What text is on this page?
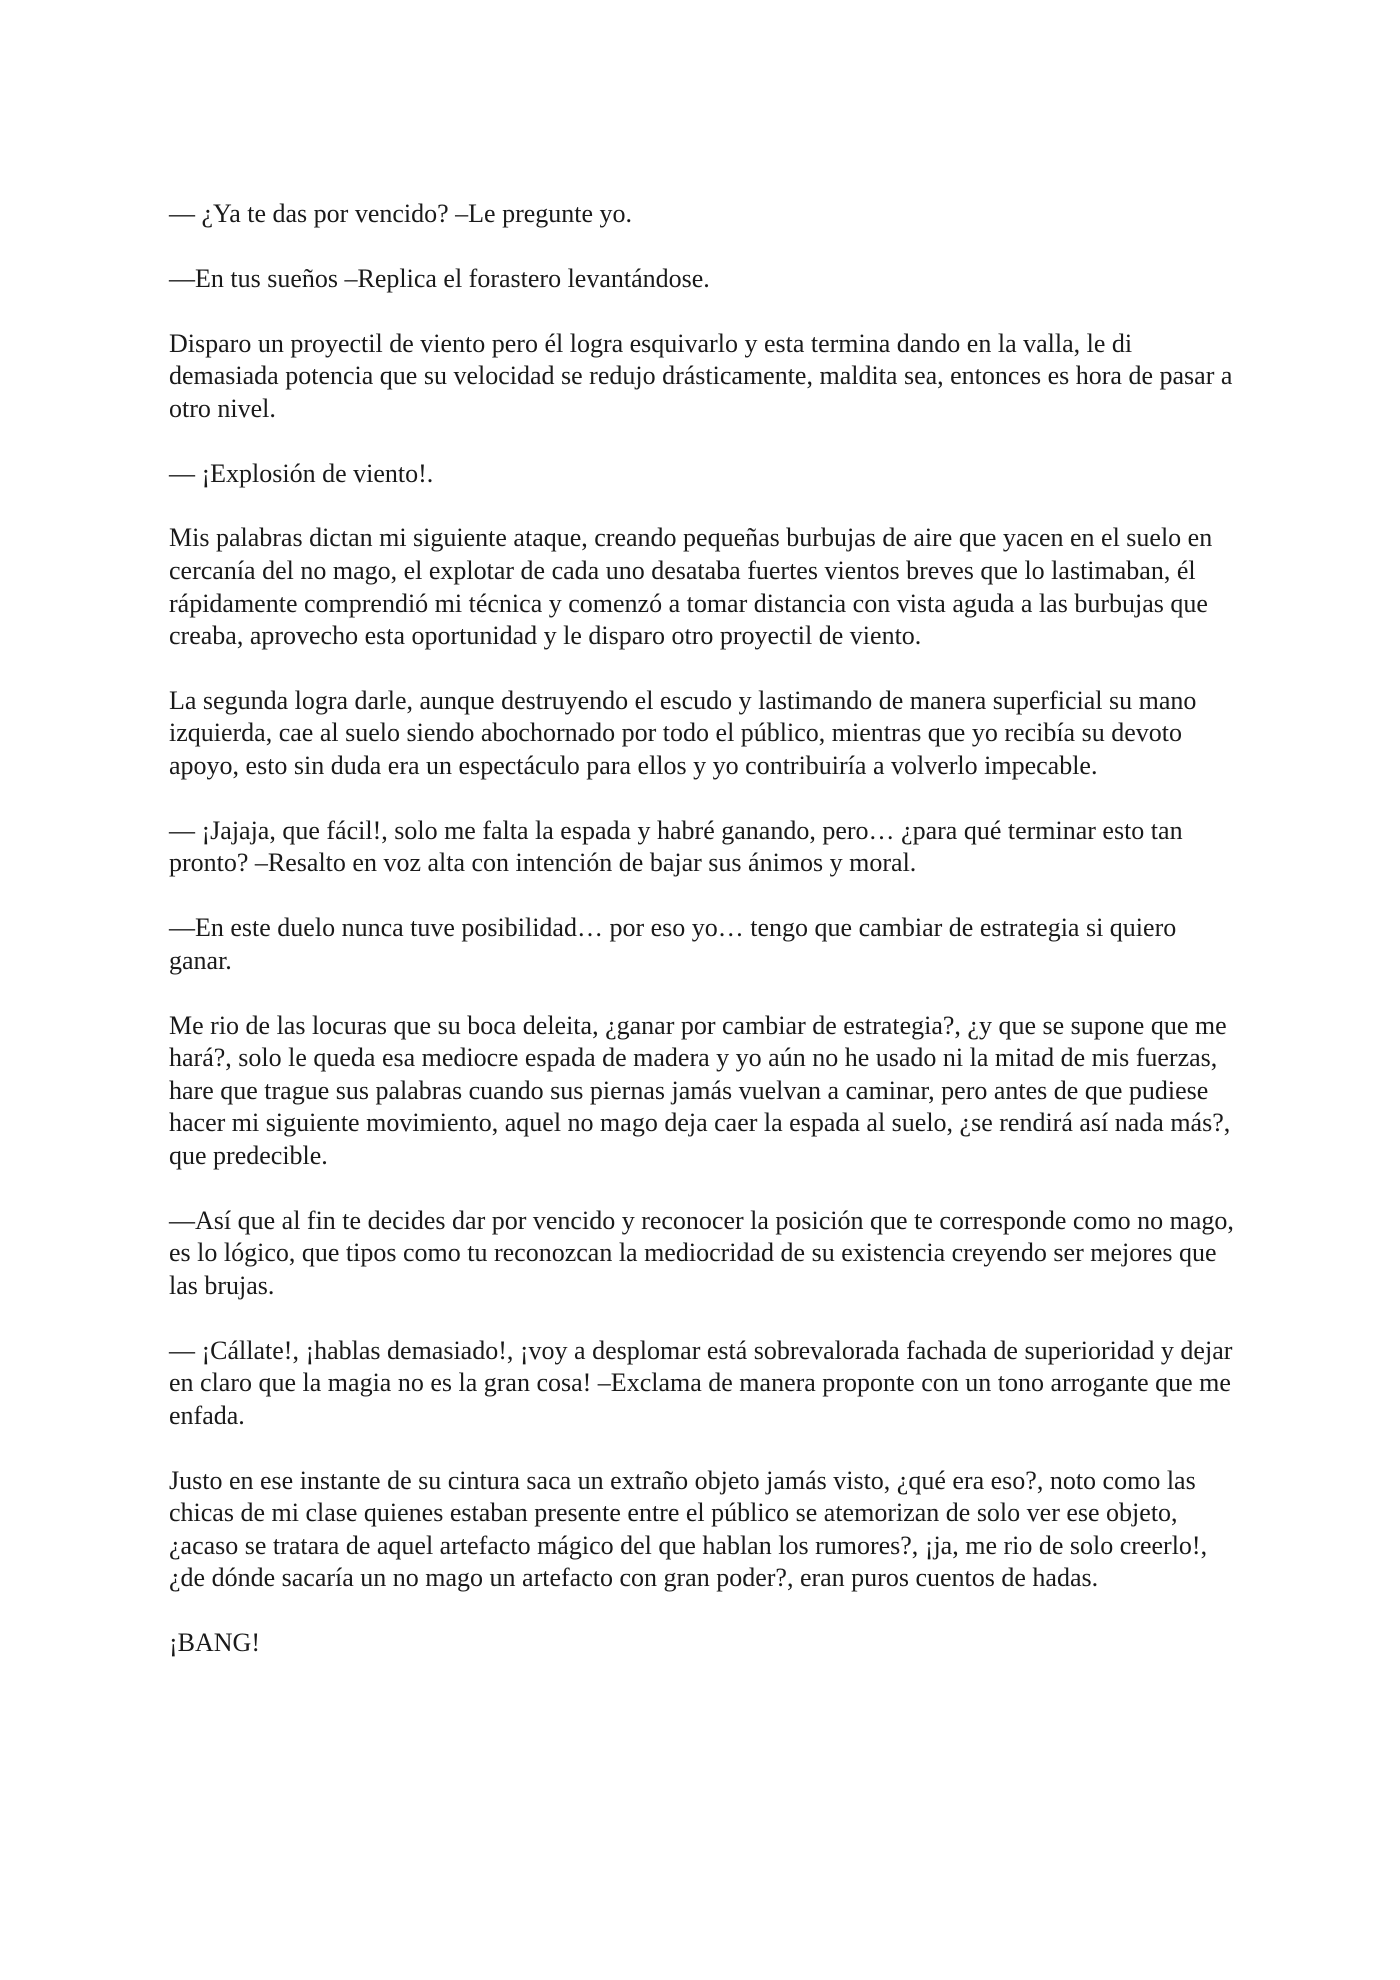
— ¿Ya te das por vencido? –Le pregunte yo.

—En tus sueños –Replica el forastero levantándose.

Disparo un proyectil de viento pero él logra esquivarlo y esta termina dando en la valla, le di demasiada potencia que su velocidad se redujo drásticamente, maldita sea, entonces es hora de pasar a otro nivel.

— ¡Explosión de viento!.

Mis palabras dictan mi siguiente ataque, creando pequeñas burbujas de aire que yacen en el suelo en cercanía del no mago, el explotar de cada uno desataba fuertes vientos breves que lo lastimaban, él rápidamente comprendió mi técnica y comenzó a tomar distancia con vista aguda a las burbujas que creaba, aprovecho esta oportunidad y le disparo otro proyectil de viento.

La segunda logra darle, aunque destruyendo el escudo y lastimando de manera superficial su mano izquierda, cae al suelo siendo abochornado por todo el público, mientras que yo recibía su devoto apoyo, esto sin duda era un espectáculo para ellos y yo contribuiría a volverlo impecable.

— ¡Jajaja, que fácil!, solo me falta la espada y habré ganando, pero… ¿para qué terminar esto tan pronto? –Resalto en voz alta con intención de bajar sus ánimos y moral.

—En este duelo nunca tuve posibilidad… por eso yo… tengo que cambiar de estrategia si quiero ganar.

Me rio de las locuras que su boca deleita, ¿ganar por cambiar de estrategia?, ¿y que se supone que me hará?, solo le queda esa mediocre espada de madera y yo aún no he usado ni la mitad de mis fuerzas, hare que trague sus palabras cuando sus piernas jamás vuelvan a caminar, pero antes de que pudiese hacer mi siguiente movimiento, aquel no mago deja caer la espada al suelo, ¿se rendirá así nada más?, que predecible.

—Así que al fin te decides dar por vencido y reconocer la posición que te corresponde como no mago, es lo lógico, que tipos como tu reconozcan la mediocridad de su existencia creyendo ser mejores que las brujas.

— ¡Cállate!, ¡hablas demasiado!, ¡voy a desplomar está sobrevalorada fachada de superioridad y dejar en claro que la magia no es la gran cosa! –Exclama de manera proponte con un tono arrogante que me enfada.

Justo en ese instante de su cintura saca un extraño objeto jamás visto, ¿qué era eso?, noto como las chicas de mi clase quienes estaban presente entre el público se atemorizan de solo ver ese objeto, ¿acaso se tratara de aquel artefacto mágico del que hablan los rumores?, ¡ja, me rio de solo creerlo!, ¿de dónde sacaría un no mago un artefacto con gran poder?, eran puros cuentos de hadas.

¡BANG!
